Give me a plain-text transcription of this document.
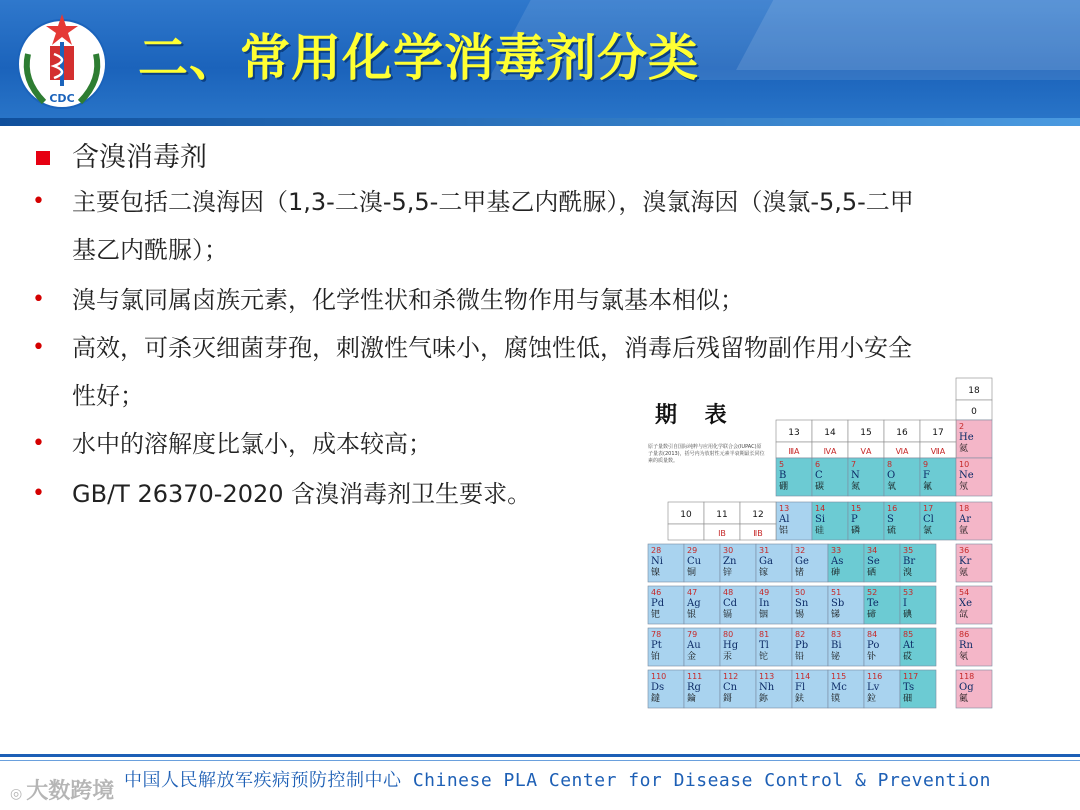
CDC
二、常用化学消毒剂分类
含溴消毒剂
• 主要包括二溴海因（1,3-二溴-5,5-二甲基乙内酰脲），溴氯海因（溴氯-5,5-二甲
基乙内酰脲）；
• 溴与氯同属卤族元素，化学性状和杀微生物作用与氯基本相似；
• 高效，可杀灭细菌芽孢，刺激性气味小，腐蚀性低，消毒后残留物副作用小安全
性好；
• 水中的溶解度比氯小，成本较高；
• GB/T 26370-2020 含溴消毒剂卫生要求。
期 表
原子量数引自国际纯粹与应用化学联合会(IUPAC)原子量表(2013)，括号内为放射性元素半衰期最长同位素的质量数。
18
0
2
He
氦
13
ⅢA
14
ⅣA
15
ⅤA
16
ⅥA
17
ⅦA
5
B
硼
6
C
碳
7
N
氮
8
O
氧
9
F
氟
10
Ne
氖
13
Al
铝
14
Si
硅
15
P
磷
16
S
硫
17
Cl
氯
18
Ar
氩
10	11
ⅠB
12
ⅡB
28
Ni
镍
29
Cu
铜
30
Zn
锌
31
Ga
镓
32
Ge
锗
33
As
砷
34
Se
硒
35
Br
溴
36
Kr
氪
46
Pd
钯
47
Ag
银
48
Cd
镉
49
In
铟
50
Sn
锡
51
Sb
锑
52
Te
碲
53
I
碘
54
Xe
氙
78
Pt
铂
79
Au
金
80
Hg
汞
81
Tl
铊
82
Pb
铅
83
Bi
铋
84
Po
钋
85
At
砹
86
Rn
氡
110
Ds
鐽
111
Rg
錀
112
Cn
鎶
113
Nh
鉨
114
Fl
鈇
115
Mc
镆
116
Lv
鉝
117
Ts
鿬
118
Og
鿫
中国人民解放军疾病预防控制中心 Chinese PLA Center for Disease Control & Prevention
◎ 大数跨境
